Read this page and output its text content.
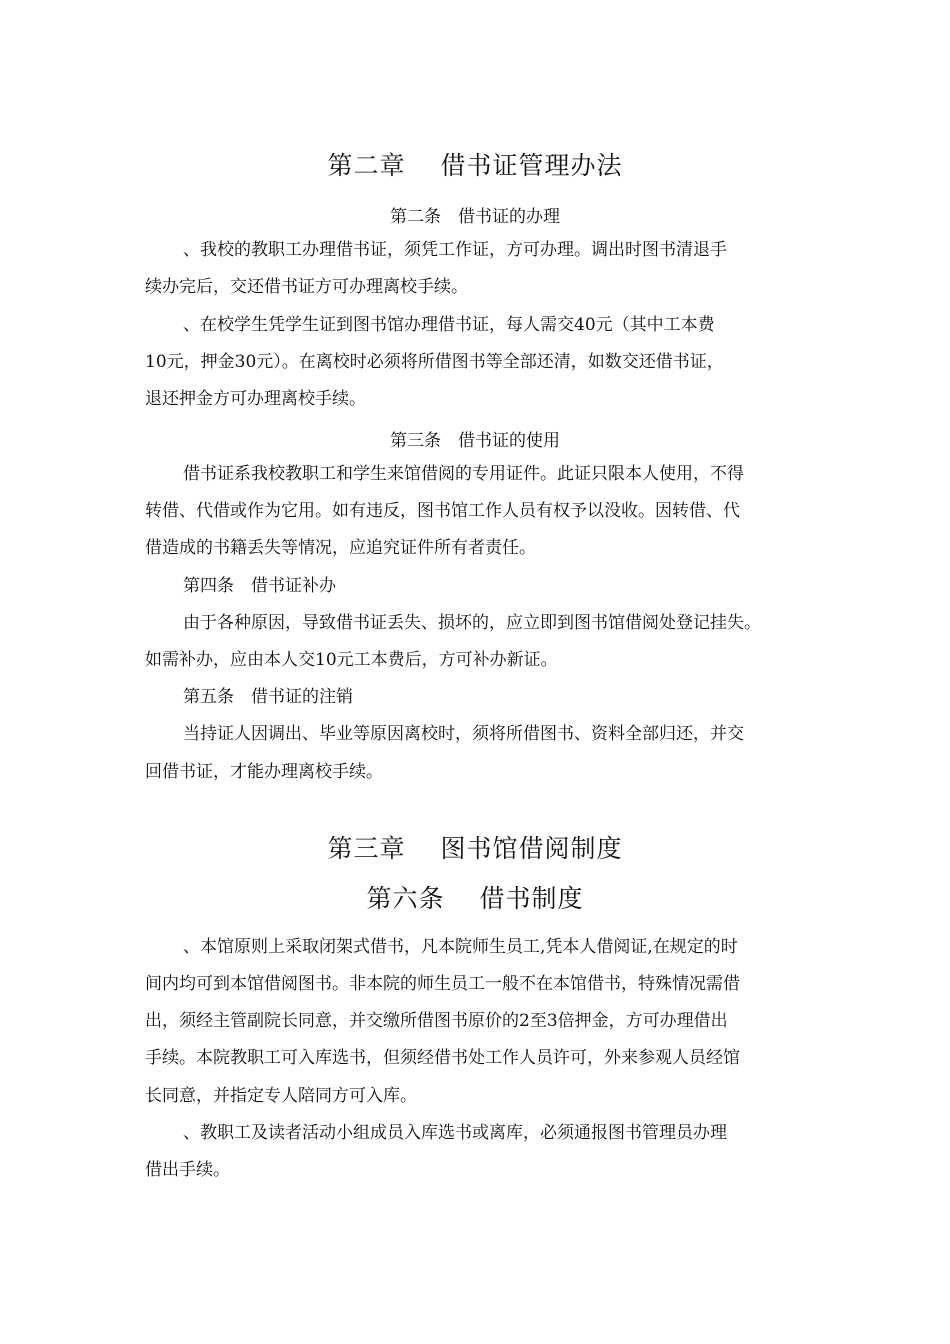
第二章　 借书证管理办法
第二条　借书证的办理
、我校的教职工办理借书证，须凭工作证，方可办理。调出时图书清退手
续办完后，交还借书证方可办理离校手续。
、在校学生凭学生证到图书馆办理借书证，每人需交40元（其中工本费
10元，押金30元）。在离校时必须将所借图书等全部还清，如数交还借书证，
退还押金方可办理离校手续。
第三条　借书证的使用
借书证系我校教职工和学生来馆借阅的专用证件。此证只限本人使用，不得
转借、代借或作为它用。如有违反，图书馆工作人员有权予以没收。因转借、代
借造成的书籍丢失等情况，应追究证件所有者责任。
第四条　借书证补办
由于各种原因，导致借书证丢失、损坏的，应立即到图书馆借阅处登记挂失。
如需补办，应由本人交10元工本费后，方可补办新证。
第五条　借书证的注销
当持证人因调出、毕业等原因离校时，须将所借图书、资料全部归还，并交
回借书证，才能办理离校手续。
第三章　 图书馆借阅制度
第六条　 借书制度
、本馆原则上采取闭架式借书，凡本院师生员工,凭本人借阅证,在规定的时
间内均可到本馆借阅图书。非本院的师生员工一般不在本馆借书，特殊情况需借
出，须经主管副院长同意，并交缴所借图书原价的2至3倍押金，方可办理借出
手续。本院教职工可入库选书，但须经借书处工作人员许可，外来参观人员经馆
长同意，并指定专人陪同方可入库。
、教职工及读者活动小组成员入库选书或离库，必须通报图书管理员办理
借出手续。
